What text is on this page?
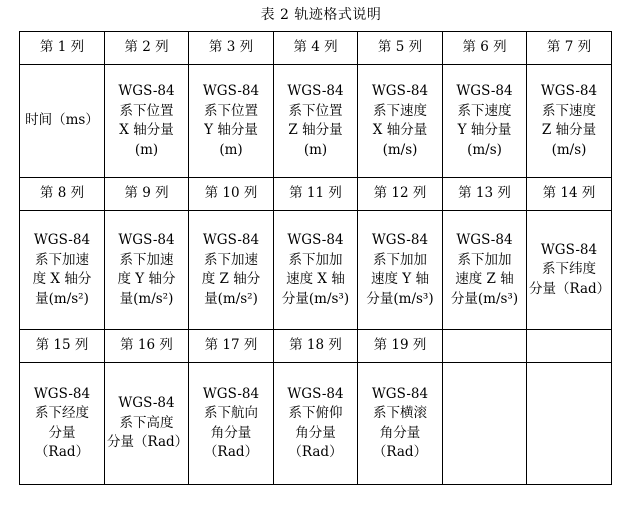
表 2 轨迹格式说明
第 1 列	第 2 列	第 3 列	第 4 列	第 5 列	第 6 列	第 7 列
时间（ms）	WGS-84
系下位置
X 轴分量
(m)	WGS-84
系下位置
Y 轴分量
(m)	WGS-84
系下位置
Z 轴分量
(m)	WGS-84
系下速度
X 轴分量
(m/s)	WGS-84
系下速度
Y 轴分量
(m/s)	WGS-84
系下速度
Z 轴分量
(m/s)
第 8 列	第 9 列	第 10 列	第 11 列	第 12 列	第 13 列	第 14 列
WGS-84
系下加速
度 X 轴分
量(m/s²)	WGS-84
系下加速
度 Y 轴分
量(m/s²)	WGS-84
系下加速
度 Z 轴分
量(m/s²)	WGS-84
系下加加
速度 X 轴
分量(m/s³)	WGS-84
系下加加
速度 Y 轴
分量(m/s³)	WGS-84
系下加加
速度 Z 轴
分量(m/s³)	WGS-84
系下纬度
分量（Rad）
第 15 列	第 16 列	第 17 列	第 18 列	第 19 列		
WGS-84
系下经度
分量
（Rad）	WGS-84
系下高度
分量（Rad）	WGS-84
系下航向
角分量
（Rad）	WGS-84
系下俯仰
角分量
（Rad）	WGS-84
系下横滚
角分量
（Rad）		
